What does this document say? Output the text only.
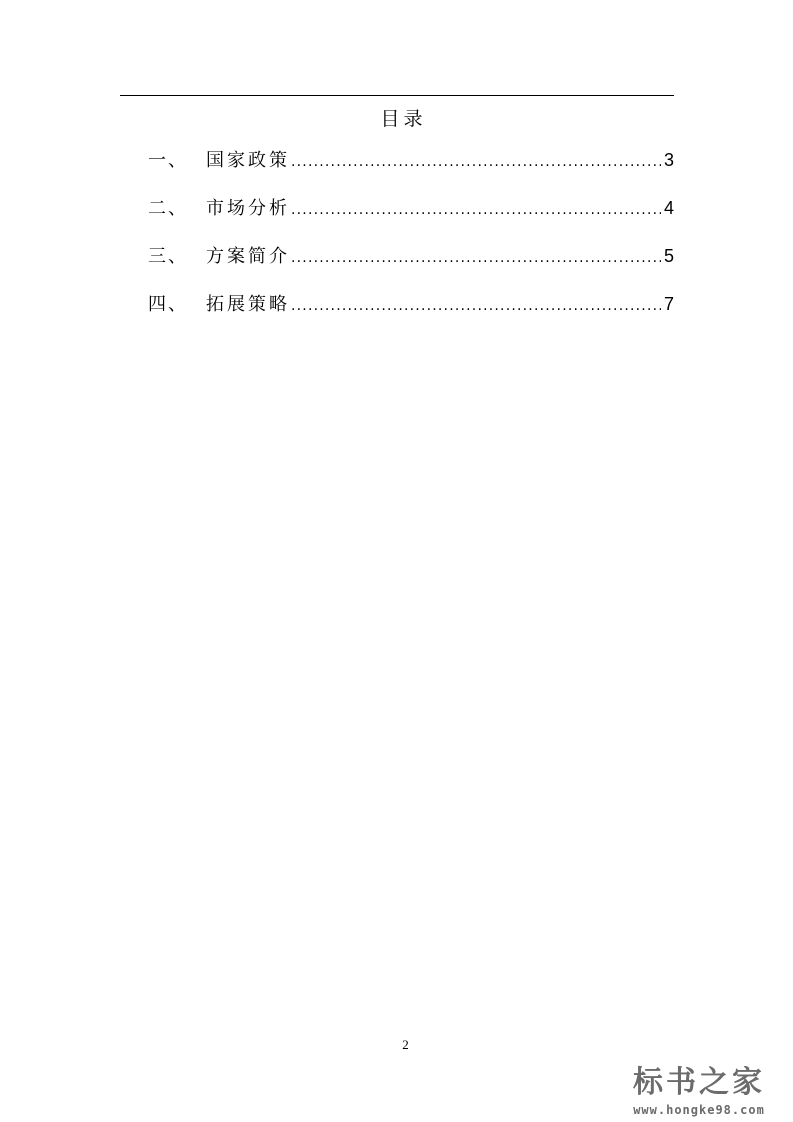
目录
一、	国家政策 .....	3
二、	市场分析 .....	4
三、	方案简介 .....	5
四、	拓展策略 .....	7
2
标书之家
www.hongke98.com
